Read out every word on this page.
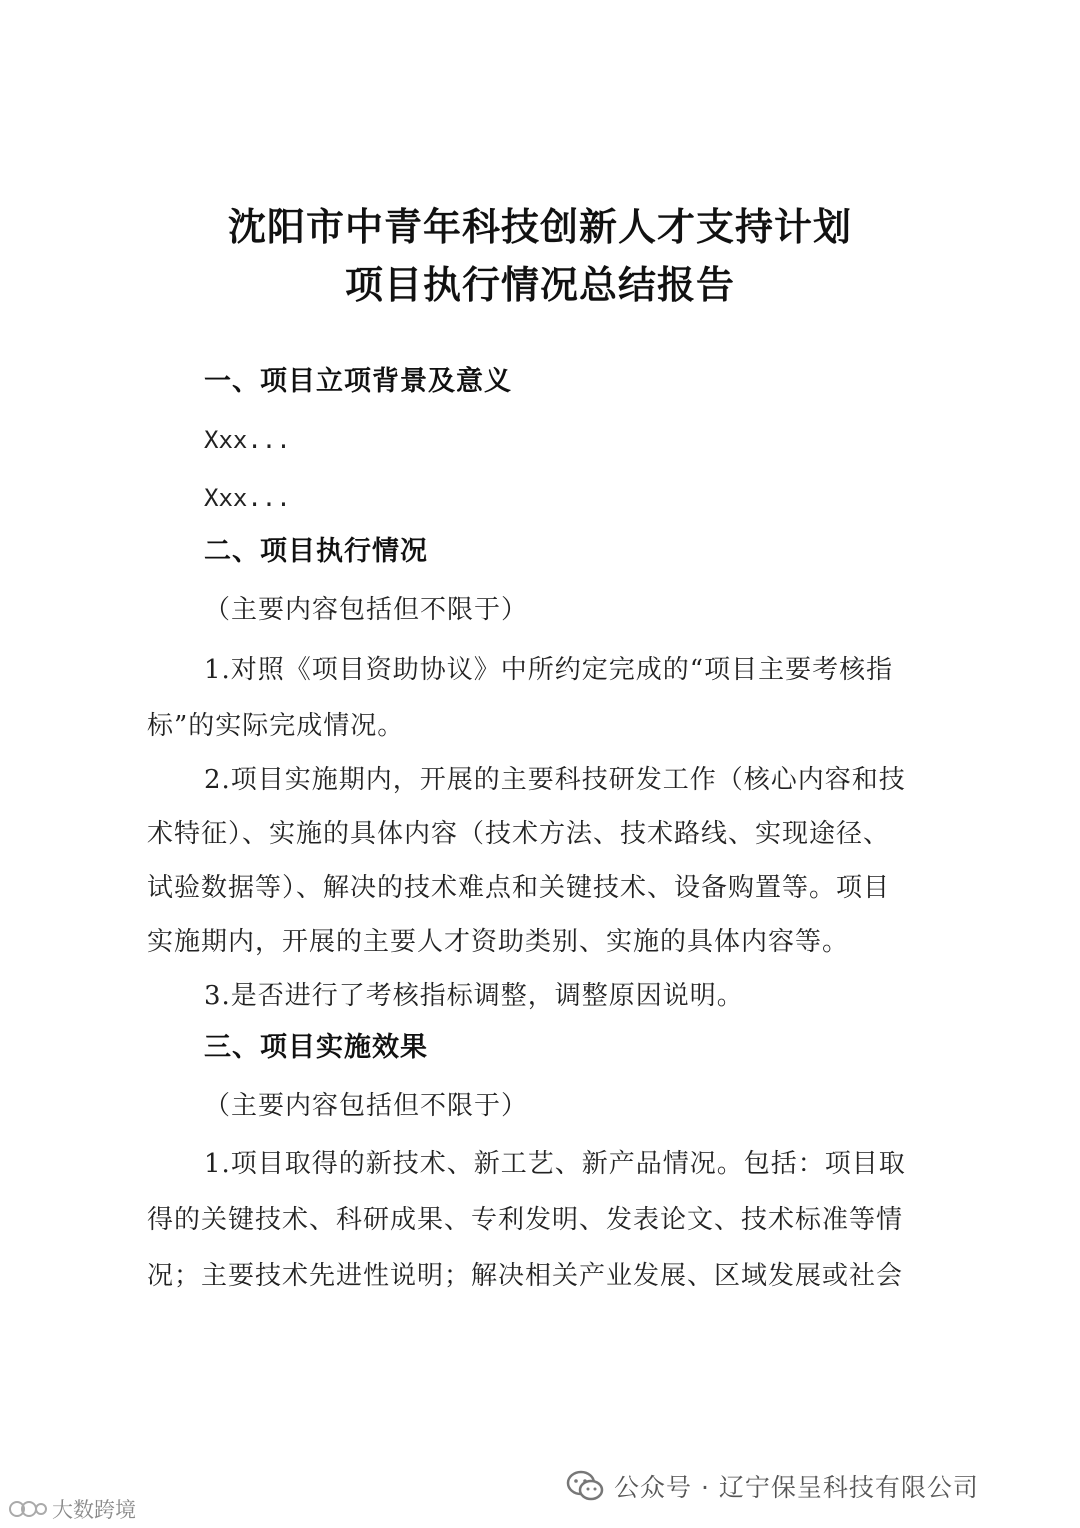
沈阳市中青年科技创新人才支持计划
项目执行情况总结报告
一、项目立项背景及意义
Xxx...
Xxx...
二、项目执行情况
（主要内容包括但不限于）
1.对照《项目资助协议》中所约定完成的“项目主要考核指
标”的实际完成情况。
2.项目实施期内，开展的主要科技研发工作（核心内容和技
术特征）、实施的具体内容（技术方法、技术路线、实现途径、
试验数据等）、解决的技术难点和关键技术、设备购置等。项目
实施期内，开展的主要人才资助类别、实施的具体内容等。
3.是否进行了考核指标调整，调整原因说明。
三、项目实施效果
（主要内容包括但不限于）
1.项目取得的新技术、新工艺、新产品情况。包括：项目取
得的关键技术、科研成果、专利发明、发表论文、技术标准等情
况；主要技术先进性说明；解决相关产业发展、区域发展或社会
公众号 · 辽宁保呈科技有限公司
大数跨境
